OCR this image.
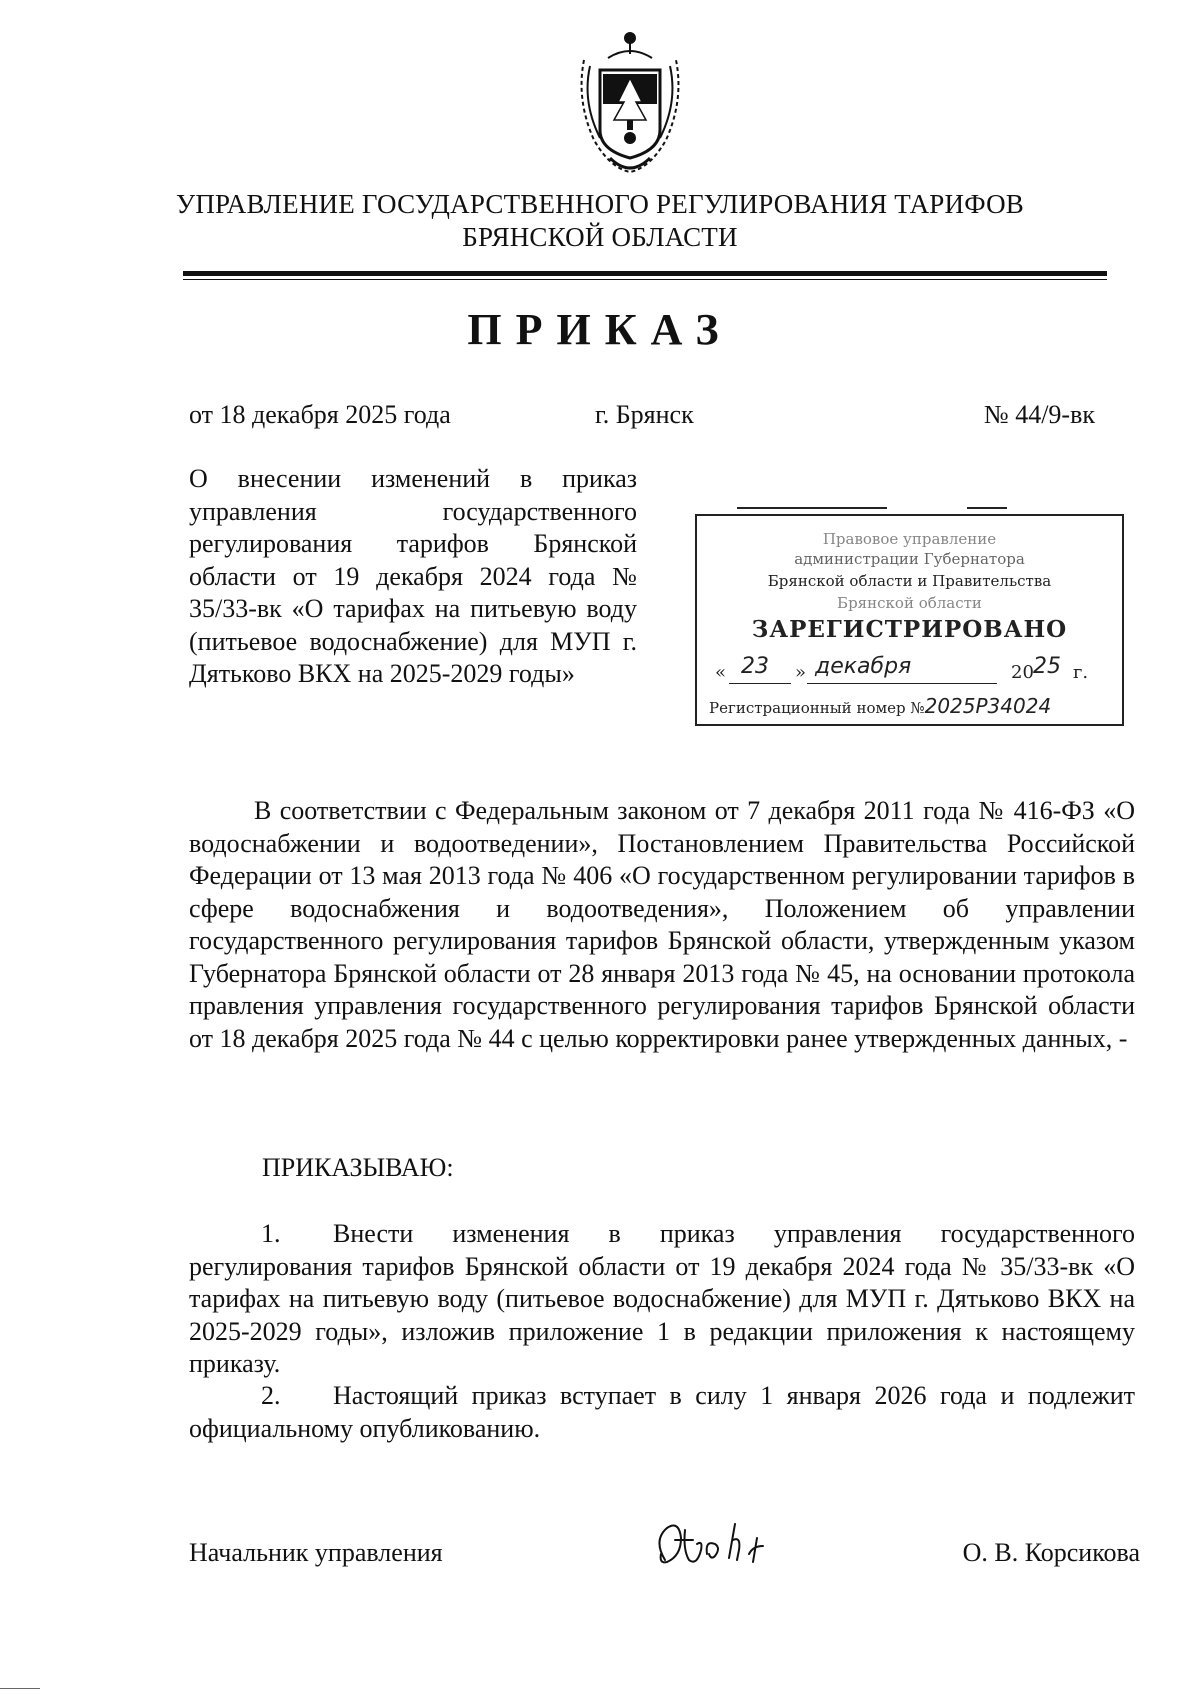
УПРАВЛЕНИЕ ГОСУДАРСТВЕННОГО РЕГУЛИРОВАНИЯ ТАРИФОВ
БРЯНСКОЙ ОБЛАСТИ
ПРИКАЗ
от 18 декабря 2025 года	г. Брянск	№ 44/9-вк
О внесении изменений в приказ управления государственного регулирования тарифов Брянской области от 19 декабря 2024 года № 35/33-вк «О тарифах на питьевую воду (питьевое водоснабжение) для МУП г. Дятьково ВКХ на 2025-2029 годы»
Правовое управление
администрации Губернатора
Брянской области и Правительства
Брянской области
ЗАРЕГИСТРИРОВАНО
« 23 » декабря	20 25 г.
Регистрационный номер №2025Р34024
В соответствии с Федеральным законом от 7 декабря 2011 года № 416-ФЗ «О водоснабжении и водоотведении», Постановлением Правительства Российской Федерации от 13 мая 2013 года № 406 «О государственном регулировании тарифов в сфере водоснабжения и водоотведения», Положением об управлении государственного регулирования тарифов Брянской области, утвержденным указом Губернатора Брянской области от 28 января 2013 года № 45, на основании протокола правления управления государственного регулирования тарифов Брянской области от 18 декабря 2025 года № 44 с целью корректировки ранее утвержденных данных, -
ПРИКАЗЫВАЮ:
1. Внести изменения в приказ управления государственного регулирования тарифов Брянской области от 19 декабря 2024 года № 35/33-вк «О тарифах на питьевую воду (питьевое водоснабжение) для МУП г. Дятьково ВКХ на 2025-2029 годы», изложив приложение 1 в редакции приложения к настоящему приказу.
2. Настоящий приказ вступает в силу 1 января 2026 года и подлежит официальному опубликованию.
Начальник управления	О. В. Корсикова
